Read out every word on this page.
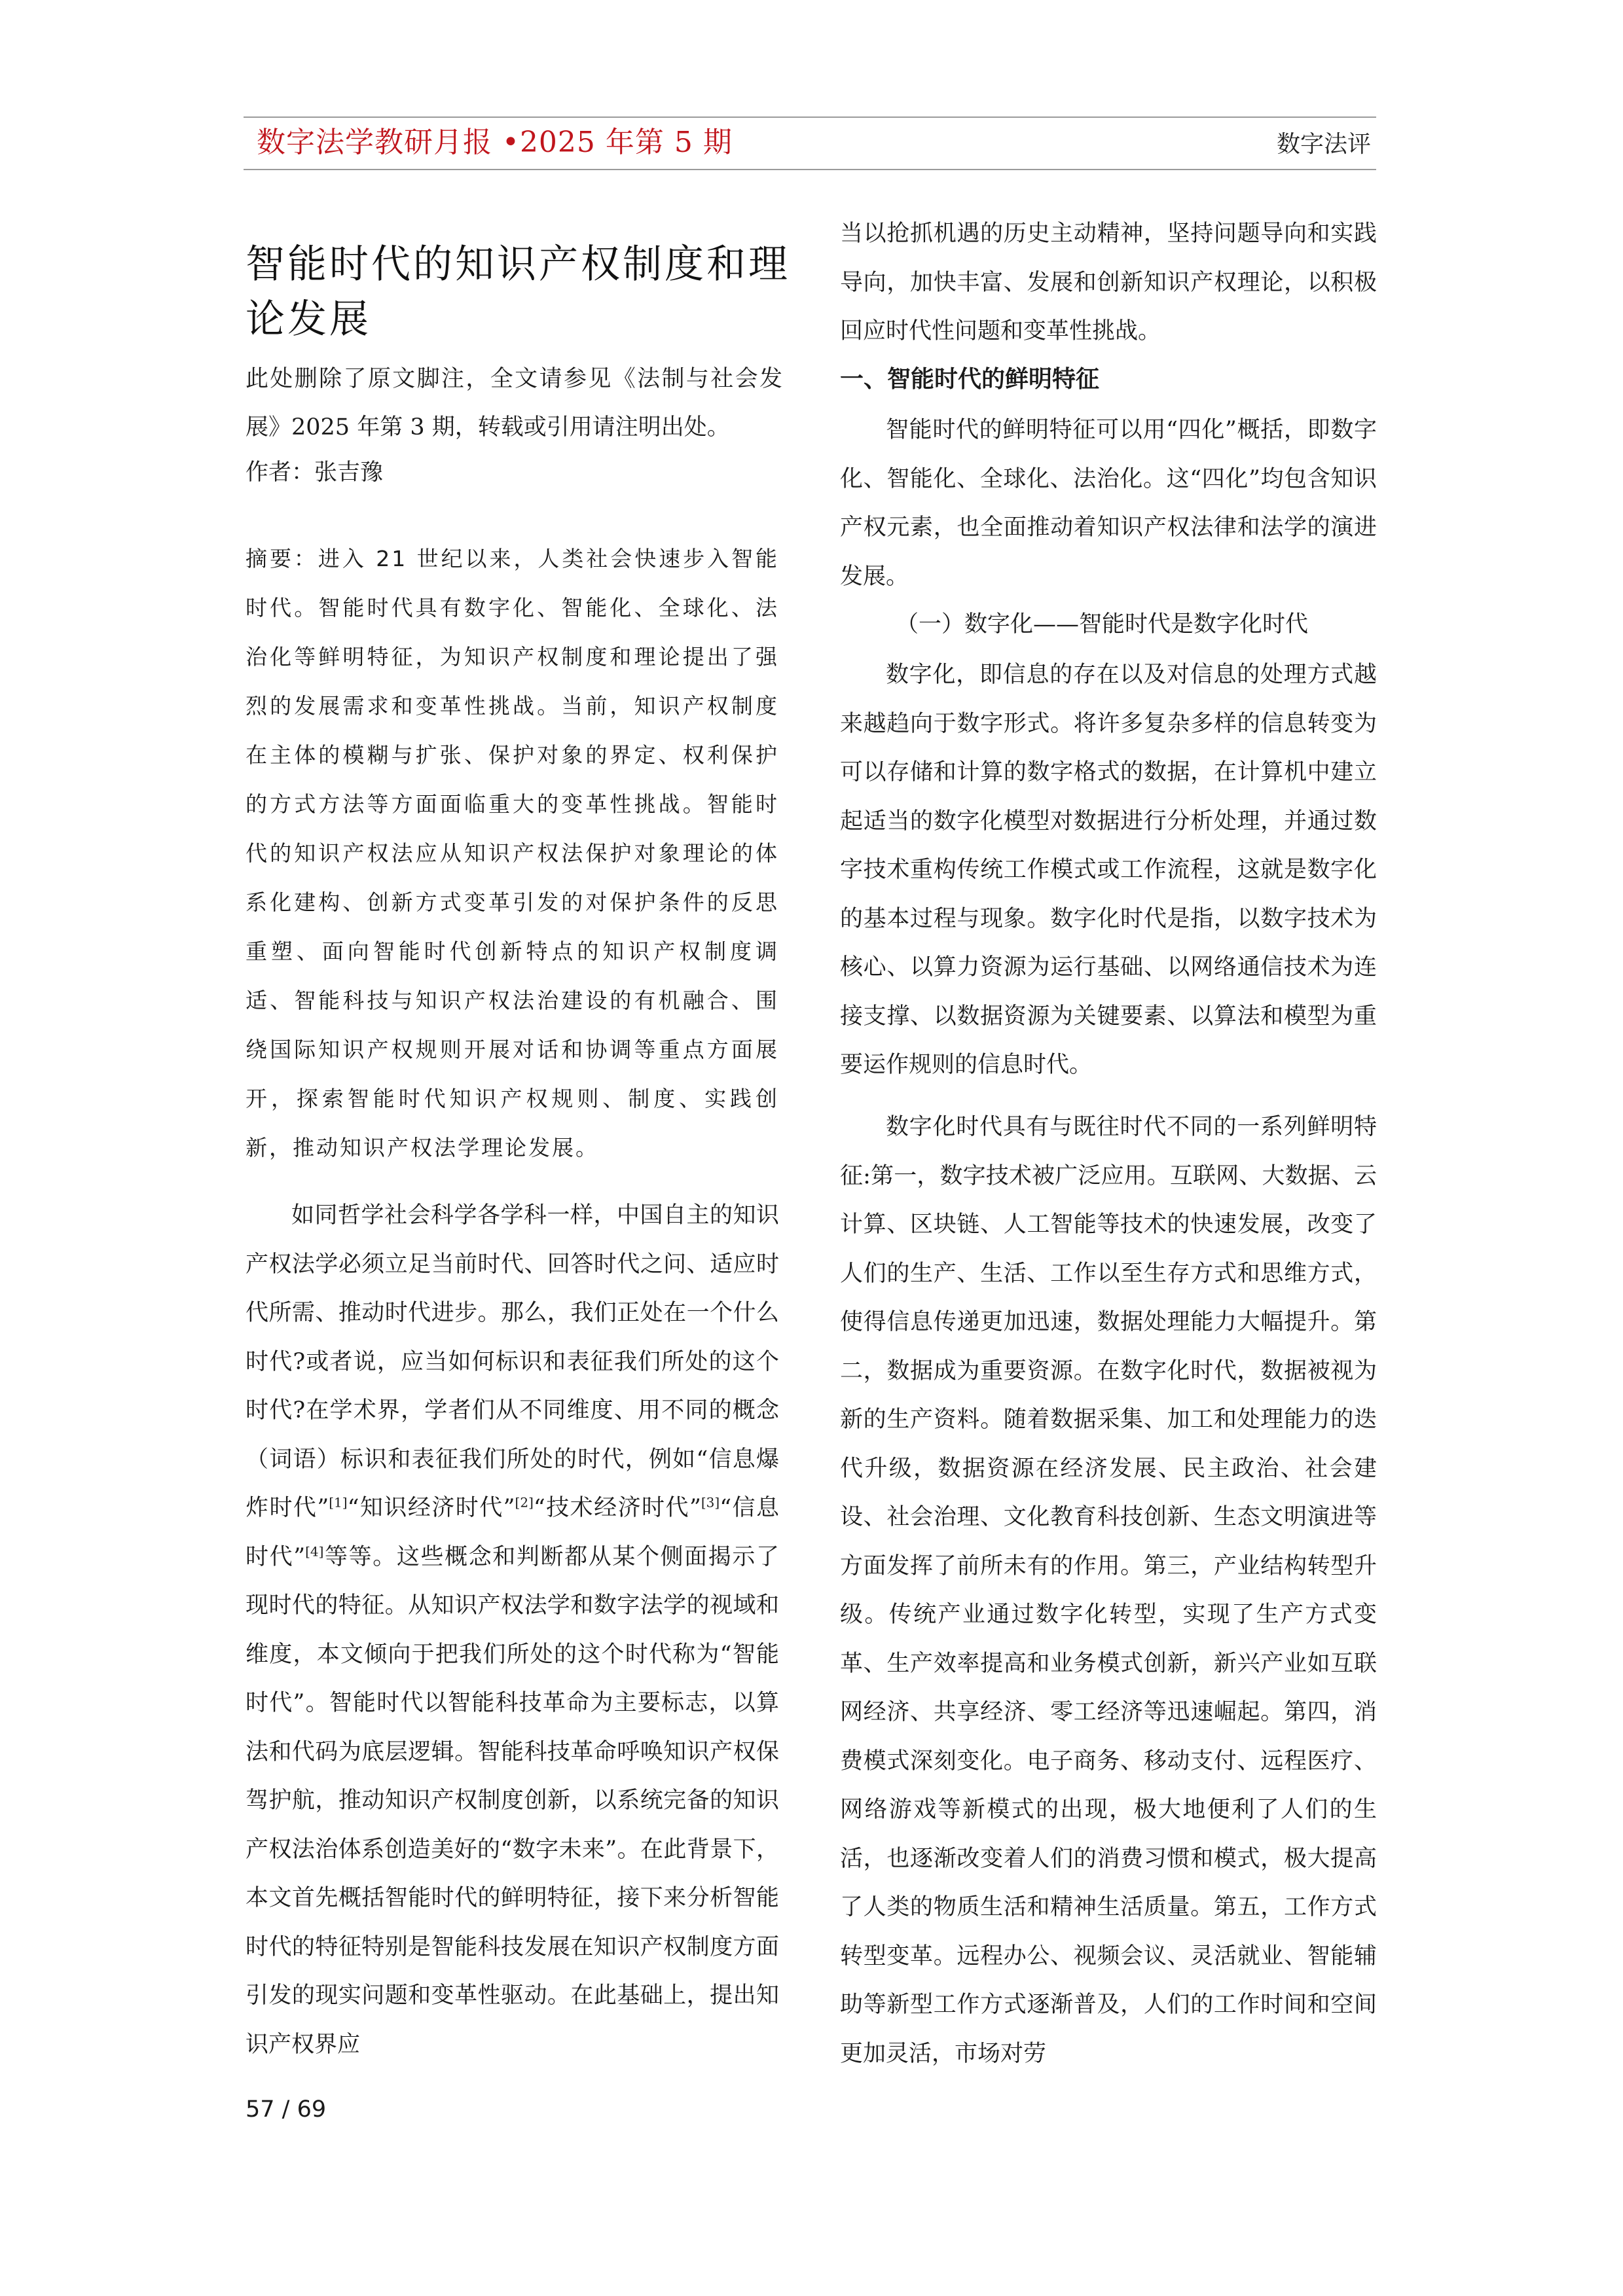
数字法学教研月报 •2025 年第 5 期	数字法评
智能时代的知识产权制度和理论发展

此处删除了原文脚注，全文请参见《法制与社会发展》2025 年第 3 期，转载或引用请注明出处。

作者：张吉豫

摘要：进入 21 世纪以来，人类社会快速步入智能时代。智能时代具有数字化、智能化、全球化、法治化等鲜明特征，为知识产权制度和理论提出了强烈的发展需求和变革性挑战。当前，知识产权制度在主体的模糊与扩张、保护对象的界定、权利保护的方式方法等方面面临重大的变革性挑战。智能时代的知识产权法应从知识产权法保护对象理论的体系化建构、创新方式变革引发的对保护条件的反思重塑、面向智能时代创新特点的知识产权制度调适、智能科技与知识产权法治建设的有机融合、围绕国际知识产权规则开展对话和协调等重点方面展开，探索智能时代知识产权规则、制度、实践创新，推动知识产权法学理论发展。

如同哲学社会科学各学科一样，中国自主的知识产权法学必须立足当前时代、回答时代之问、适应时代所需、推动时代进步。那么，我们正处在一个什么时代?或者说，应当如何标识和表征我们所处的这个时代?在学术界，学者们从不同维度、用不同的概念（词语）标识和表征我们所处的时代，例如“信息爆炸时代”[1]“知识经济时代”[2]“技术经济时代”[3]“信息时代”[4]等等。这些概念和判断都从某个侧面揭示了现时代的特征。从知识产权法学和数字法学的视域和维度，本文倾向于把我们所处的这个时代称为“智能时代”。智能时代以智能科技革命为主要标志，以算法和代码为底层逻辑。智能科技革命呼唤知识产权保驾护航，推动知识产权制度创新，以系统完备的知识产权法治体系创造美好的“数字未来”。在此背景下，本文首先概括智能时代的鲜明特征，接下来分析智能时代的特征特别是智能科技发展在知识产权制度方面引发的现实问题和变革性驱动。在此基础上，提出知识产权界应

当以抢抓机遇的历史主动精神，坚持问题导向和实践导向，加快丰富、发展和创新知识产权理论，以积极回应时代性问题和变革性挑战。

一、智能时代的鲜明特征

智能时代的鲜明特征可以用“四化”概括，即数字化、智能化、全球化、法治化。这“四化”均包含知识产权元素，也全面推动着知识产权法律和法学的演进发展。

（一）数字化——智能时代是数字化时代

数字化，即信息的存在以及对信息的处理方式越来越趋向于数字形式。将许多复杂多样的信息转变为可以存储和计算的数字格式的数据，在计算机中建立起适当的数字化模型对数据进行分析处理，并通过数字技术重构传统工作模式或工作流程，这就是数字化的基本过程与现象。数字化时代是指，以数字技术为核心、以算力资源为运行基础、以网络通信技术为连接支撑、以数据资源为关键要素、以算法和模型为重要运作规则的信息时代。

数字化时代具有与既往时代不同的一系列鲜明特征:第一，数字技术被广泛应用。互联网、大数据、云计算、区块链、人工智能等技术的快速发展，改变了人们的生产、生活、工作以至生存方式和思维方式，使得信息传递更加迅速，数据处理能力大幅提升。第二，数据成为重要资源。在数字化时代，数据被视为新的生产资料。随着数据采集、加工和处理能力的迭代升级，数据资源在经济发展、民主政治、社会建设、社会治理、文化教育科技创新、生态文明演进等方面发挥了前所未有的作用。第三，产业结构转型升级。传统产业通过数字化转型，实现了生产方式变革、生产效率提高和业务模式创新，新兴产业如互联网经济、共享经济、零工经济等迅速崛起。第四，消费模式深刻变化。电子商务、移动支付、远程医疗、网络游戏等新模式的出现，极大地便利了人们的生活，也逐渐改变着人们的消费习惯和模式，极大提高了人类的物质生活和精神生活质量。第五，工作方式转型变革。远程办公、视频会议、灵活就业、智能辅助等新型工作方式逐渐普及，人们的工作时间和空间更加灵活，市场对劳

57 / 69
